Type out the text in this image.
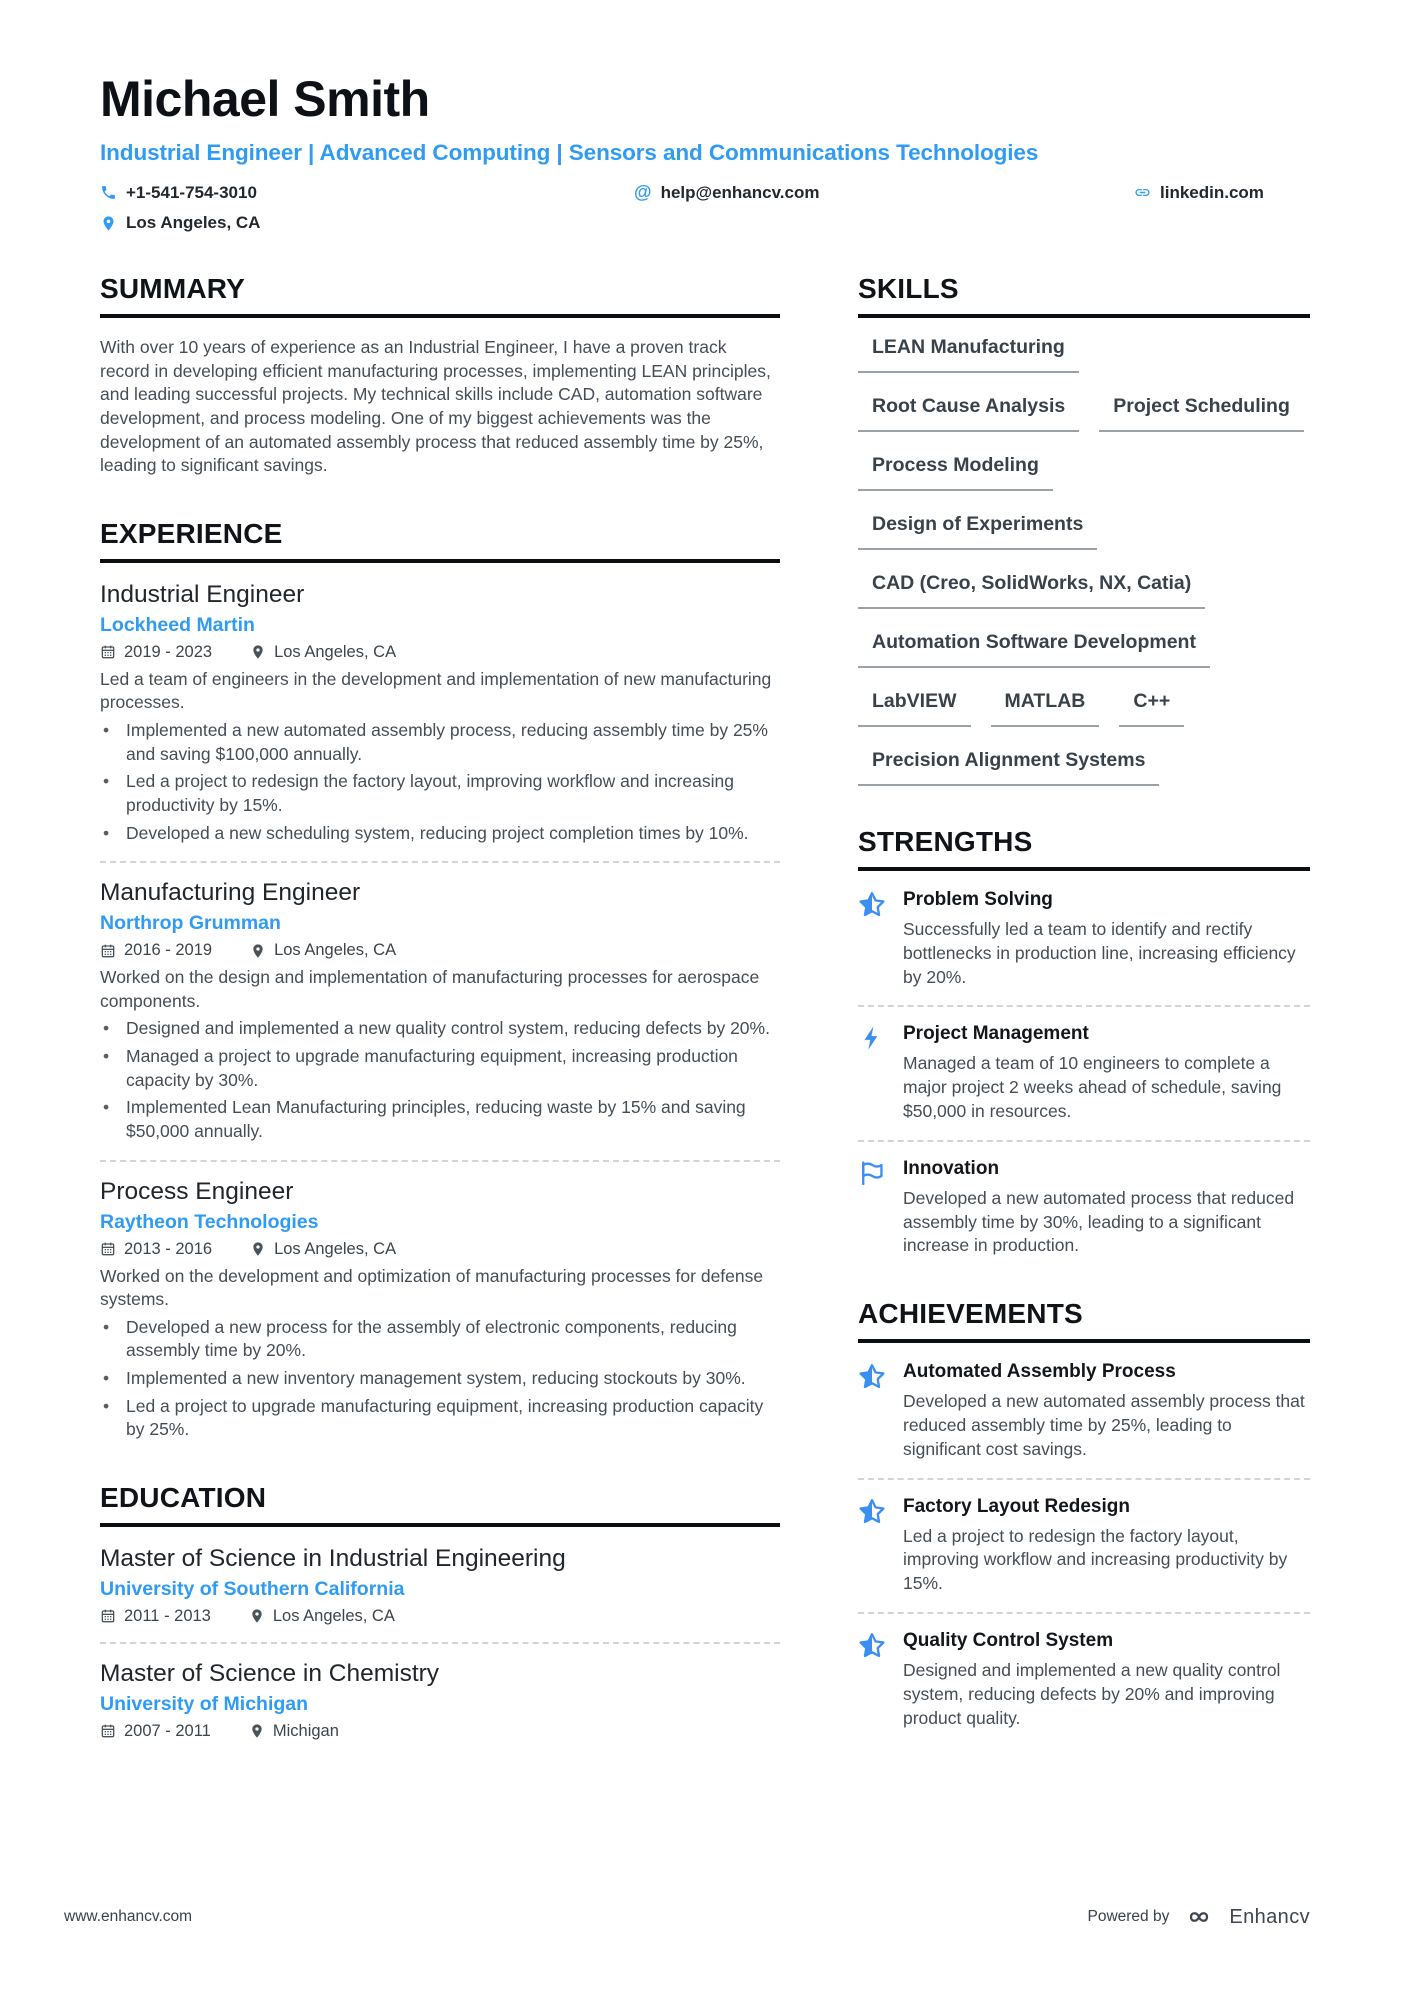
Michael Smith
Industrial Engineer | Advanced Computing | Sensors and Communications Technologies
+1-541-754-3010	@ help@enhancv.com	linkedin.com
Los Angeles, CA
SUMMARY

With over 10 years of experience as an Industrial Engineer, I have a proven track record in developing efficient manufacturing processes, implementing LEAN principles, and leading successful projects. My technical skills include CAD, automation software development, and process modeling. One of my biggest achievements was the development of an automated assembly process that reduced assembly time by 25%, leading to significant savings.

EXPERIENCE
Industrial Engineer
Lockheed Martin
2019 - 2023	Los Angeles, CA

Led a team of engineers in the development and implementation of new manufacturing processes.

• Implemented a new automated assembly process, reducing assembly time by 25% and saving $100,000 annually.
• Led a project to redesign the factory layout, improving workflow and increasing productivity by 15%.
• Developed a new scheduling system, reducing project completion times by 10%.
Manufacturing Engineer
Northrop Grumman
2016 - 2019	Los Angeles, CA

Worked on the design and implementation of manufacturing processes for aerospace components.

• Designed and implemented a new quality control system, reducing defects by 20%.
• Managed a project to upgrade manufacturing equipment, increasing production capacity by 30%.
• Implemented Lean Manufacturing principles, reducing waste by 15% and saving $50,000 annually.
Process Engineer
Raytheon Technologies
2013 - 2016	Los Angeles, CA

Worked on the development and optimization of manufacturing processes for defense systems.

• Developed a new process for the assembly of electronic components, reducing assembly time by 20%.
• Implemented a new inventory management system, reducing stockouts by 30%.
• Led a project to upgrade manufacturing equipment, increasing production capacity by 25%.
EDUCATION
Master of Science in Industrial Engineering
University of Southern California
2011 - 2013	Los Angeles, CA
Master of Science in Chemistry
University of Michigan
2007 - 2011	Michigan
SKILLS
LEAN Manufacturing
Root Cause Analysis	Project Scheduling
Process Modeling
Design of Experiments
CAD (Creo, SolidWorks, NX, Catia)
Automation Software Development
LabVIEW	MATLAB	C++
Precision Alignment Systems
STRENGTHS
Problem Solving
Successfully led a team to identify and rectify bottlenecks in production line, increasing efficiency by 20%.
Project Management
Managed a team of 10 engineers to complete a major project 2 weeks ahead of schedule, saving $50,000 in resources.
Innovation
Developed a new automated process that reduced assembly time by 30%, leading to a significant increase in production.
ACHIEVEMENTS
Automated Assembly Process
Developed a new automated assembly process that reduced assembly time by 25%, leading to significant cost savings.
Factory Layout Redesign
Led a project to redesign the factory layout, improving workflow and increasing productivity by 15%.
Quality Control System
Designed and implemented a new quality control system, reducing defects by 20% and improving product quality.
www.enhancv.com	Powered by	Enhancv
